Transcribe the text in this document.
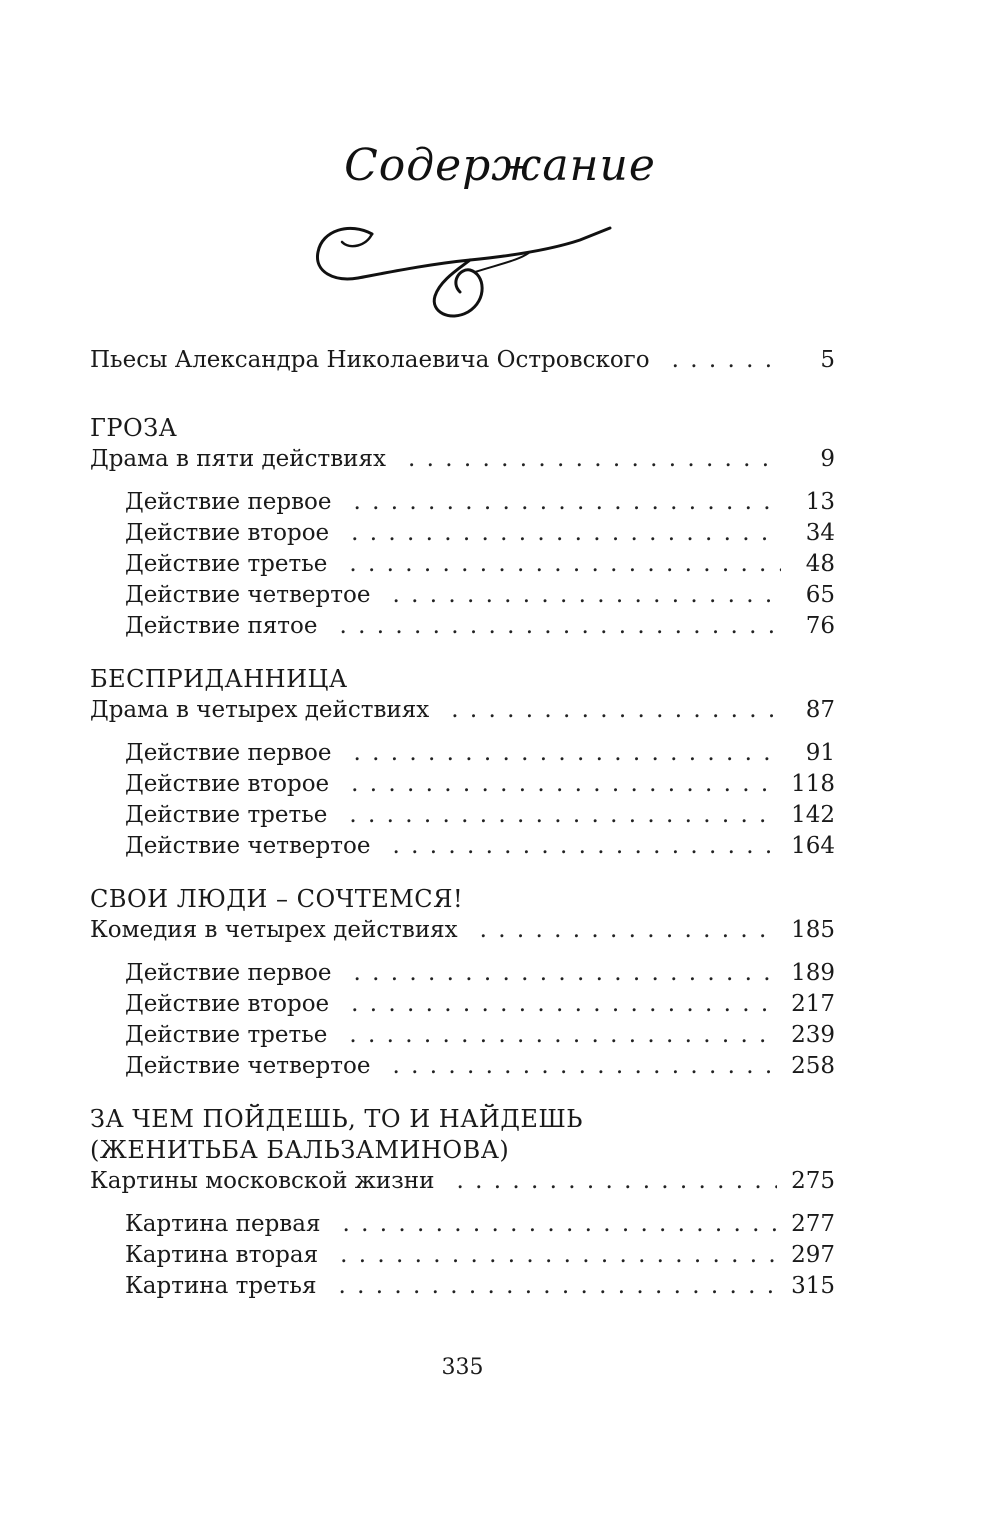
Содержание
Пьесы Александра Николаевича Островского . . .	5
ГРОЗА
Драма в пяти действиях . . .	9
Действие первое . . .	13
Действие второе . . .	34
Действие третье . . .	48
Действие четвертое . . .	65
Действие пятое . . .	76
БЕСПРИДАННИЦА
Драма в четырех действиях . . .	87
Действие первое . . .	91
Действие второе . . .	118
Действие третье . . .	142
Действие четвертое . . .	164
СВОИ ЛЮДИ – СОЧТЕМСЯ!
Комедия в четырех действиях . . .	185
Действие первое . . .	189
Действие второе . . .	217
Действие третье . . .	239
Действие четвертое . . .	258
ЗА ЧЕМ ПОЙДЕШЬ, ТО И НАЙДЕШЬ
(ЖЕНИТЬБА БАЛЬЗАМИНОВА)
Картины московской жизни . . .	275
Картина первая . . .	277
Картина вторая . . .	297
Картина третья . . .	315
335
